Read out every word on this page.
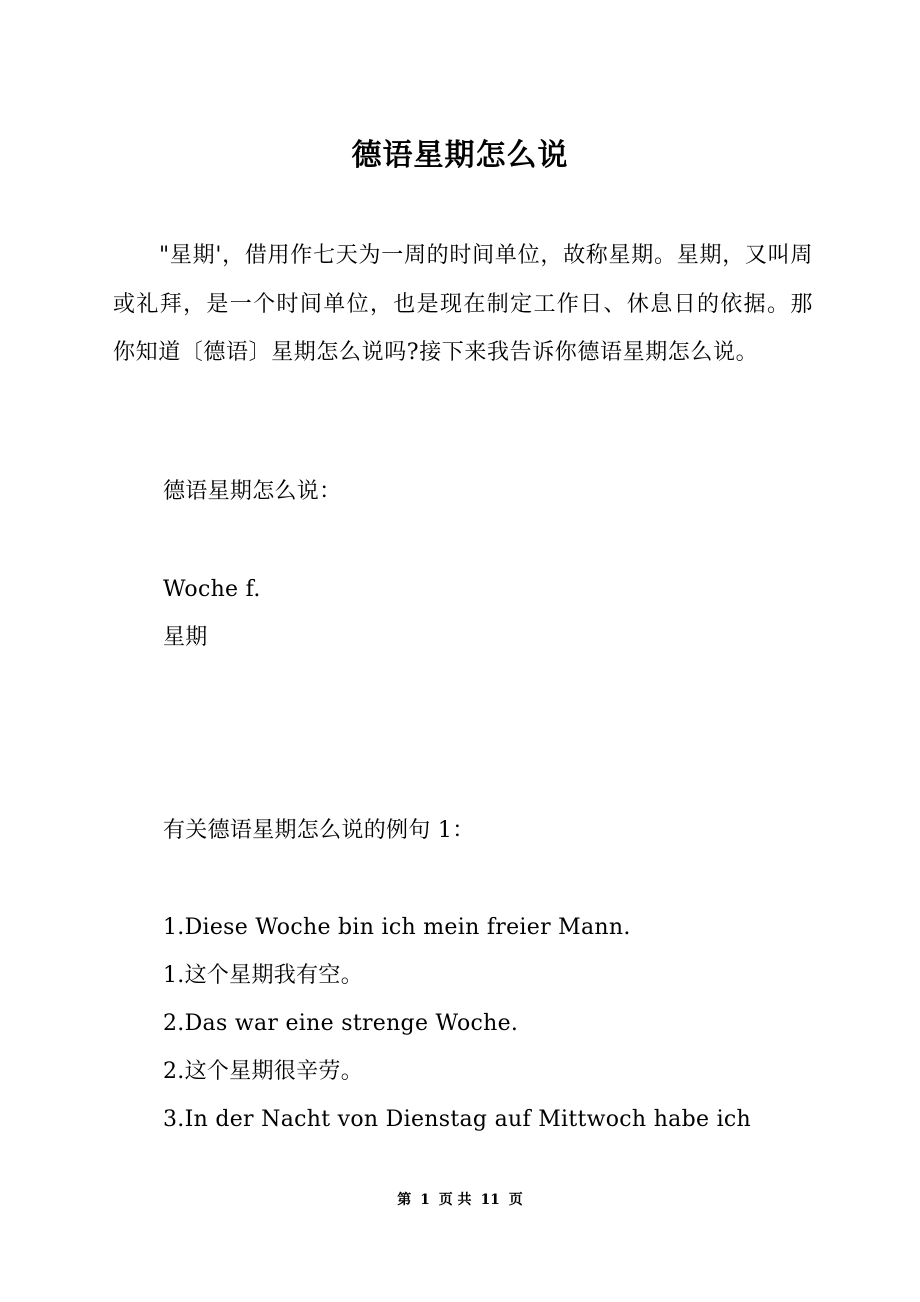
德语星期怎么说
"星期'，借用作七天为一周的时间单位，故称星期。星期，又叫周或礼拜，是一个时间单位，也是现在制定工作日、休息日的依据。那你知道〔德语〕星期怎么说吗?接下来我告诉你德语星期怎么说。
德语星期怎么说：
Woche f.
星期
有关德语星期怎么说的例句 1：
1.Diese Woche bin ich mein freier Mann.
1.这个星期我有空。
2.Das war eine strenge Woche.
2.这个星期很辛劳。
3.In der Nacht von Dienstag auf Mittwoch habe ich
第 1 页 共 11 页
